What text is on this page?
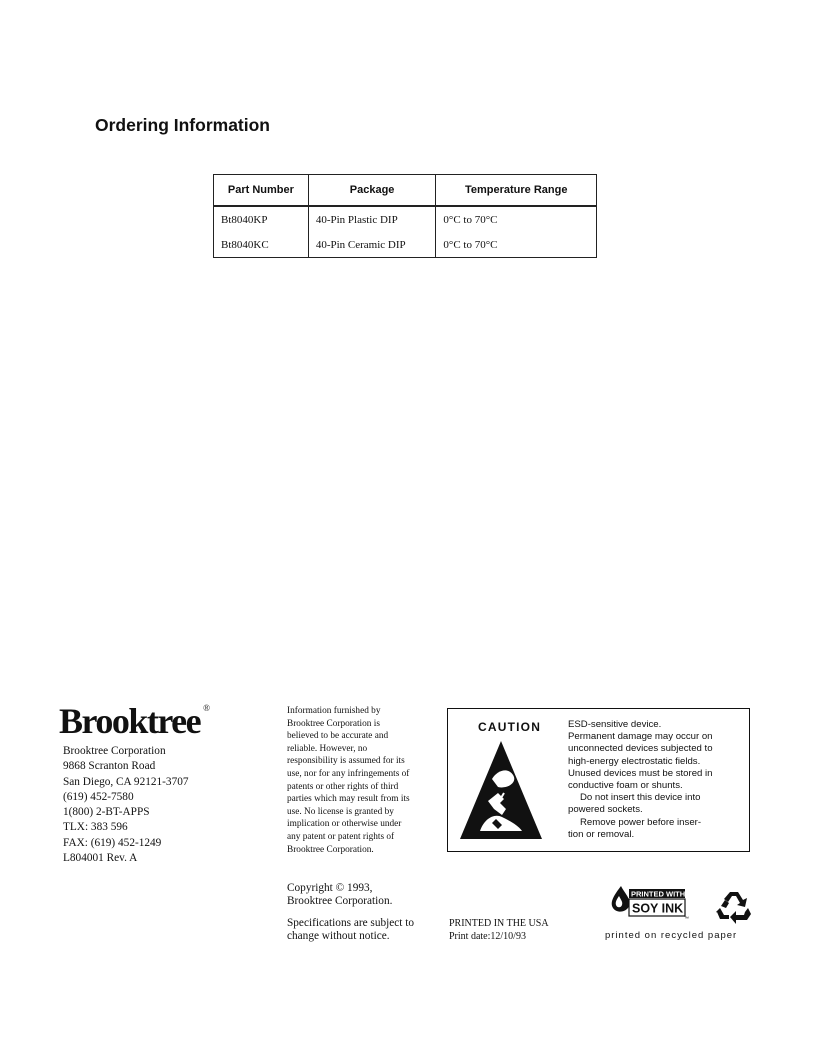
Ordering Information
Part Number	Package	Temperature Range
Bt8040KP	40-Pin Plastic DIP	0°C to 70°C
Bt8040KC	40-Pin Ceramic DIP	0°C to 70°C
Brooktree ®
Brooktree Corporation
9868 Scranton Road
San Diego, CA 92121-3707
(619) 452-7580
1(800) 2-BT-APPS
TLX: 383 596
FAX: (619) 452-1249
L804001 Rev. A
Information furnished by
Brooktree Corporation is
believed to be accurate and
reliable. However, no
responsibility is assumed for its
use, nor for any infringements of
patents or other rights of third
parties which may result from its
use. No license is granted by
implication or otherwise under
any patent or patent rights of
Brooktree Corporation.
CAUTION	ESD-sensitive device.
Permanent damage may occur on
unconnected devices subjected to
high-energy electrostatic fields.
Unused devices must be stored in
conductive foam or shunts.
Do not insert this device into
powered sockets.
Remove power before inser-
tion or removal.
Copyright © 1993,
Brooktree Corporation.
Specifications are subject to
change without notice.
PRINTED IN THE USA
Print date:12/10/93
PRINTED WITH
SOY INK
™
printed on recycled paper
